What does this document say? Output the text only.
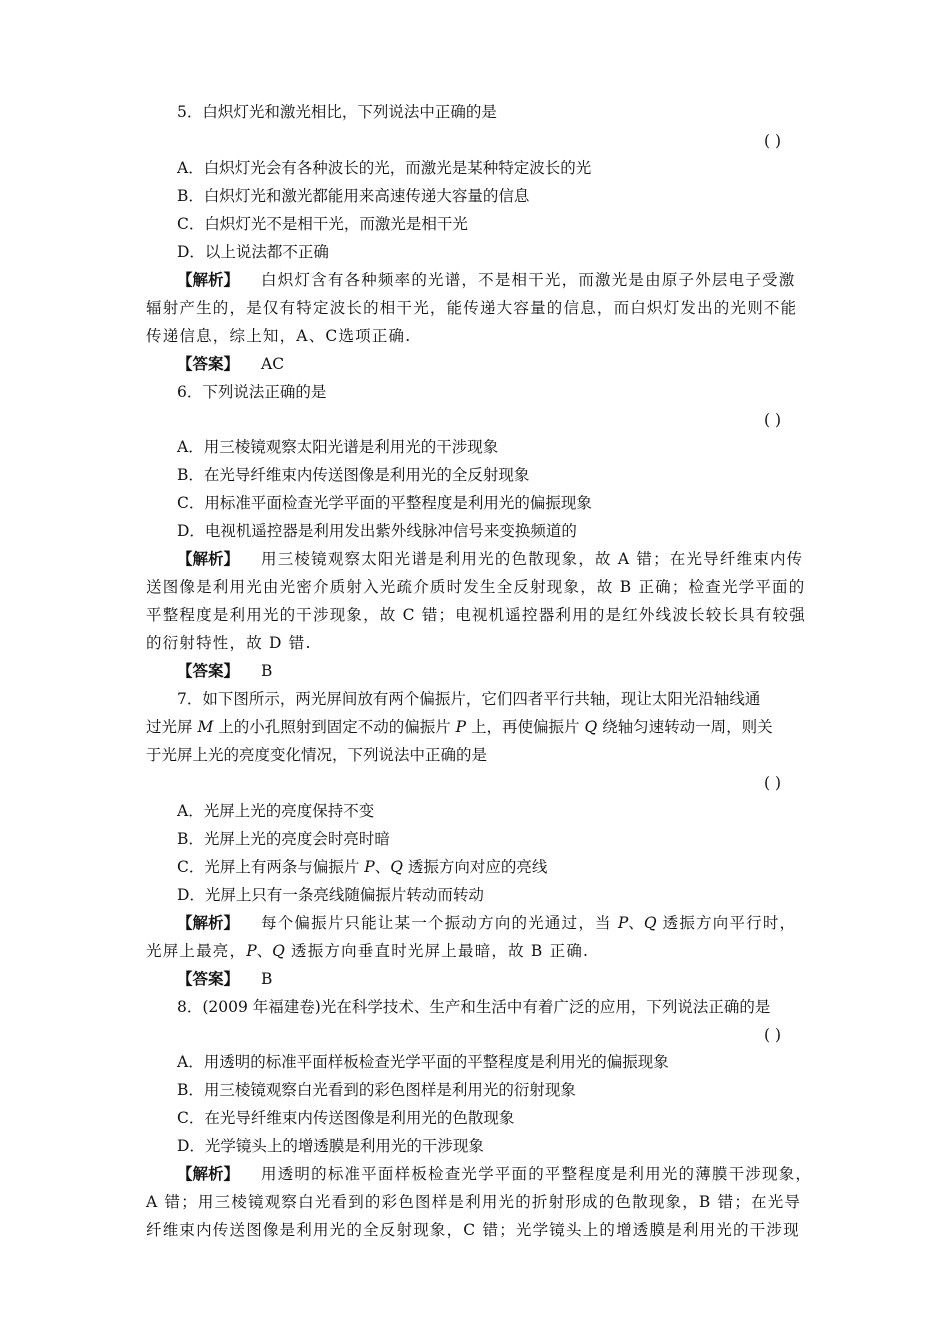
5．白炽灯光和激光相比，下列说法中正确的是
( )
A．白炽灯光会有各种波长的光，而激光是某种特定波长的光
B．白炽灯光和激光都能用来高速传递大容量的信息
C．白炽灯光不是相干光，而激光是相干光
D．以上说法都不正确
【解析】 白炽灯含有各种频率的光谱，不是相干光，而激光是由原子外层电子受激
辐射产生的，是仅有特定波长的相干光，能传递大容量的信息，而白炽灯发出的光则不能
传递信息，综上知，A、C选项正确.
【答案】 AC
6．下列说法正确的是
( )
A．用三棱镜观察太阳光谱是利用光的干涉现象
B．在光导纤维束内传送图像是利用光的全反射现象
C．用标准平面检查光学平面的平整程度是利用光的偏振现象
D．电视机遥控器是利用发出紫外线脉冲信号来变换频道的
【解析】 用三棱镜观察太阳光谱是利用光的色散现象，故 A 错；在光导纤维束内传
送图像是利用光由光密介质射入光疏介质时发生全反射现象，故 B 正确；检查光学平面的
平整程度是利用光的干涉现象，故 C 错；电视机遥控器利用的是红外线波长较长具有较强
的衍射特性，故 D 错.
【答案】 B
7．如下图所示，两光屏间放有两个偏振片，它们四者平行共轴，现让太阳光沿轴线通
过光屏 M 上的小孔照射到固定不动的偏振片 P 上，再使偏振片 Q 绕轴匀速转动一周，则关
于光屏上光的亮度变化情况，下列说法中正确的是
( )
A．光屏上光的亮度保持不变
B．光屏上光的亮度会时亮时暗
C．光屏上有两条与偏振片 P、Q 透振方向对应的亮线
D．光屏上只有一条亮线随偏振片转动而转动
【解析】 每个偏振片只能让某一个振动方向的光通过，当 P、Q 透振方向平行时，
光屏上最亮，P、Q 透振方向垂直时光屏上最暗，故 B 正确.
【答案】 B
8．(2009 年福建卷)光在科学技术、生产和生活中有着广泛的应用，下列说法正确的是
( )
A．用透明的标准平面样板检查光学平面的平整程度是利用光的偏振现象
B．用三棱镜观察白光看到的彩色图样是利用光的衍射现象
C．在光导纤维束内传送图像是利用光的色散现象
D．光学镜头上的增透膜是利用光的干涉现象
【解析】 用透明的标准平面样板检查光学平面的平整程度是利用光的薄膜干涉现象，
A 错；用三棱镜观察白光看到的彩色图样是利用光的折射形成的色散现象，B 错；在光导
纤维束内传送图像是利用光的全反射现象，C 错；光学镜头上的增透膜是利用光的干涉现
